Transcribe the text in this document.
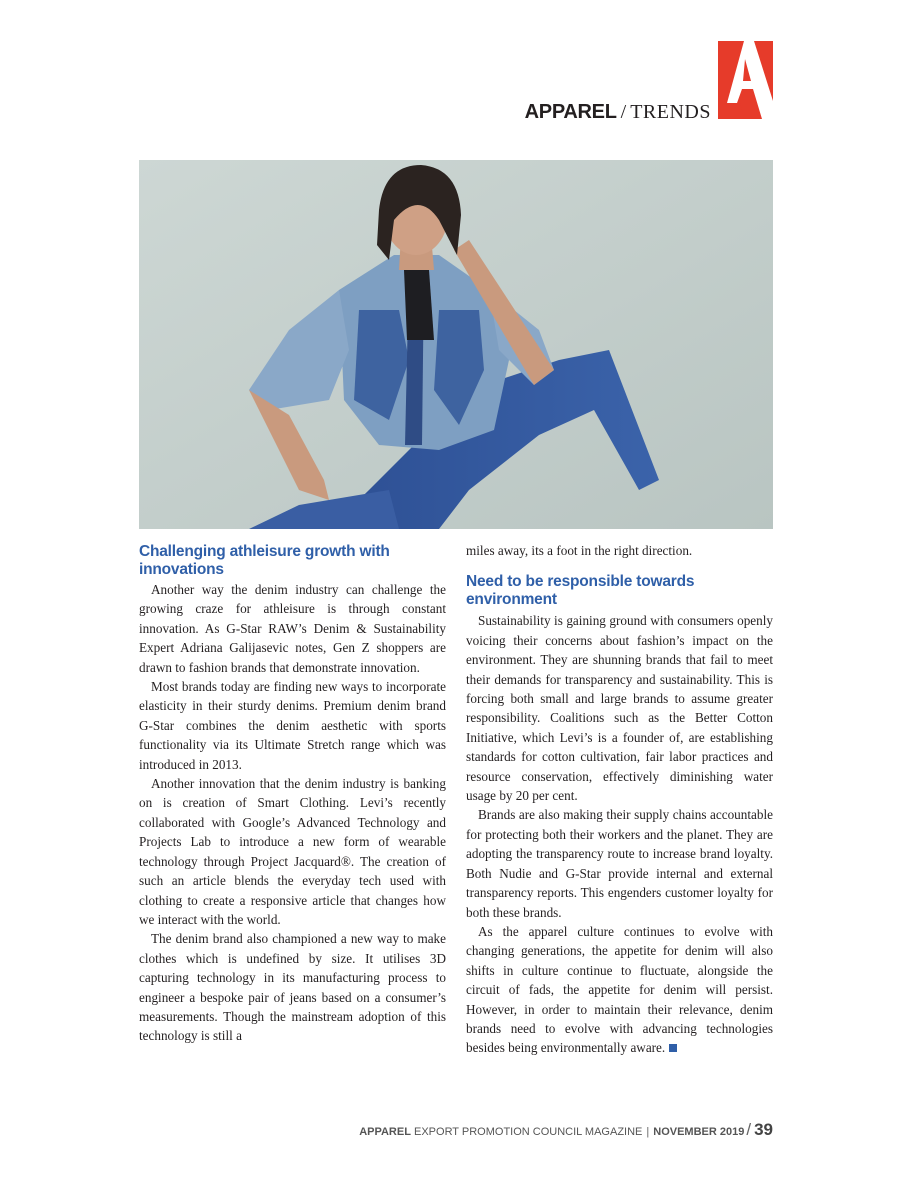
APPAREL / TRENDS
Challenging athleisure growth with innovations

Another way the denim industry can challenge the growing craze for athleisure is through constant innovation. As G-Star RAW’s Denim & Sustainability Expert Adriana Galijasevic notes, Gen Z shoppers are drawn to fashion brands that demonstrate innovation.

Most brands today are finding new ways to incorporate elasticity in their sturdy denims. Premium denim brand G-Star combines the denim aesthetic with sports functionality via its Ultimate Stretch range which was introduced in 2013.

Another innovation that the denim industry is banking on is creation of Smart Clothing. Levi’s recently collaborated with Google’s Advanced Technology and Projects Lab to introduce a new form of wearable technology through Project Jacquard®. The creation of such an article blends the everyday tech used with clothing to create a responsive article that changes how we interact with the world.

The denim brand also championed a new way to make clothes which is undefined by size. It utilises 3D capturing technology in its manufacturing process to engineer a bespoke pair of jeans based on a consumer’s measurements. Though the mainstream adoption of this technology is still a

miles away, its a foot in the right direction.

Need to be responsible towards environment

Sustainability is gaining ground with consumers openly voicing their concerns about fashion’s impact on the environment. They are shunning brands that fail to meet their demands for transparency and sustainability. This is forcing both small and large brands to assume greater responsibility. Coalitions such as the Better Cotton Initiative, which Levi’s is a founder of, are establishing standards for cotton cultivation, fair labor practices and resource conservation, effectively diminishing water usage by 20 per cent.

Brands are also making their supply chains accountable for protecting both their workers and the planet. They are adopting the transparency route to increase brand loyalty. Both Nudie and G-Star provide internal and external transparency reports. This engenders customer loyalty for both these brands.

As the apparel culture continues to evolve with changing generations, the appetite for denim will also shifts in culture continue to fluctuate, alongside the circuit of fads, the appetite for denim will persist. However, in order to maintain their relevance, denim brands need to evolve with advancing technologies besides being environmentally aware.

APPAREL
EXPORT PROMOTION COUNCIL MAGAZINE | NOVEMBER 2019 / 39
